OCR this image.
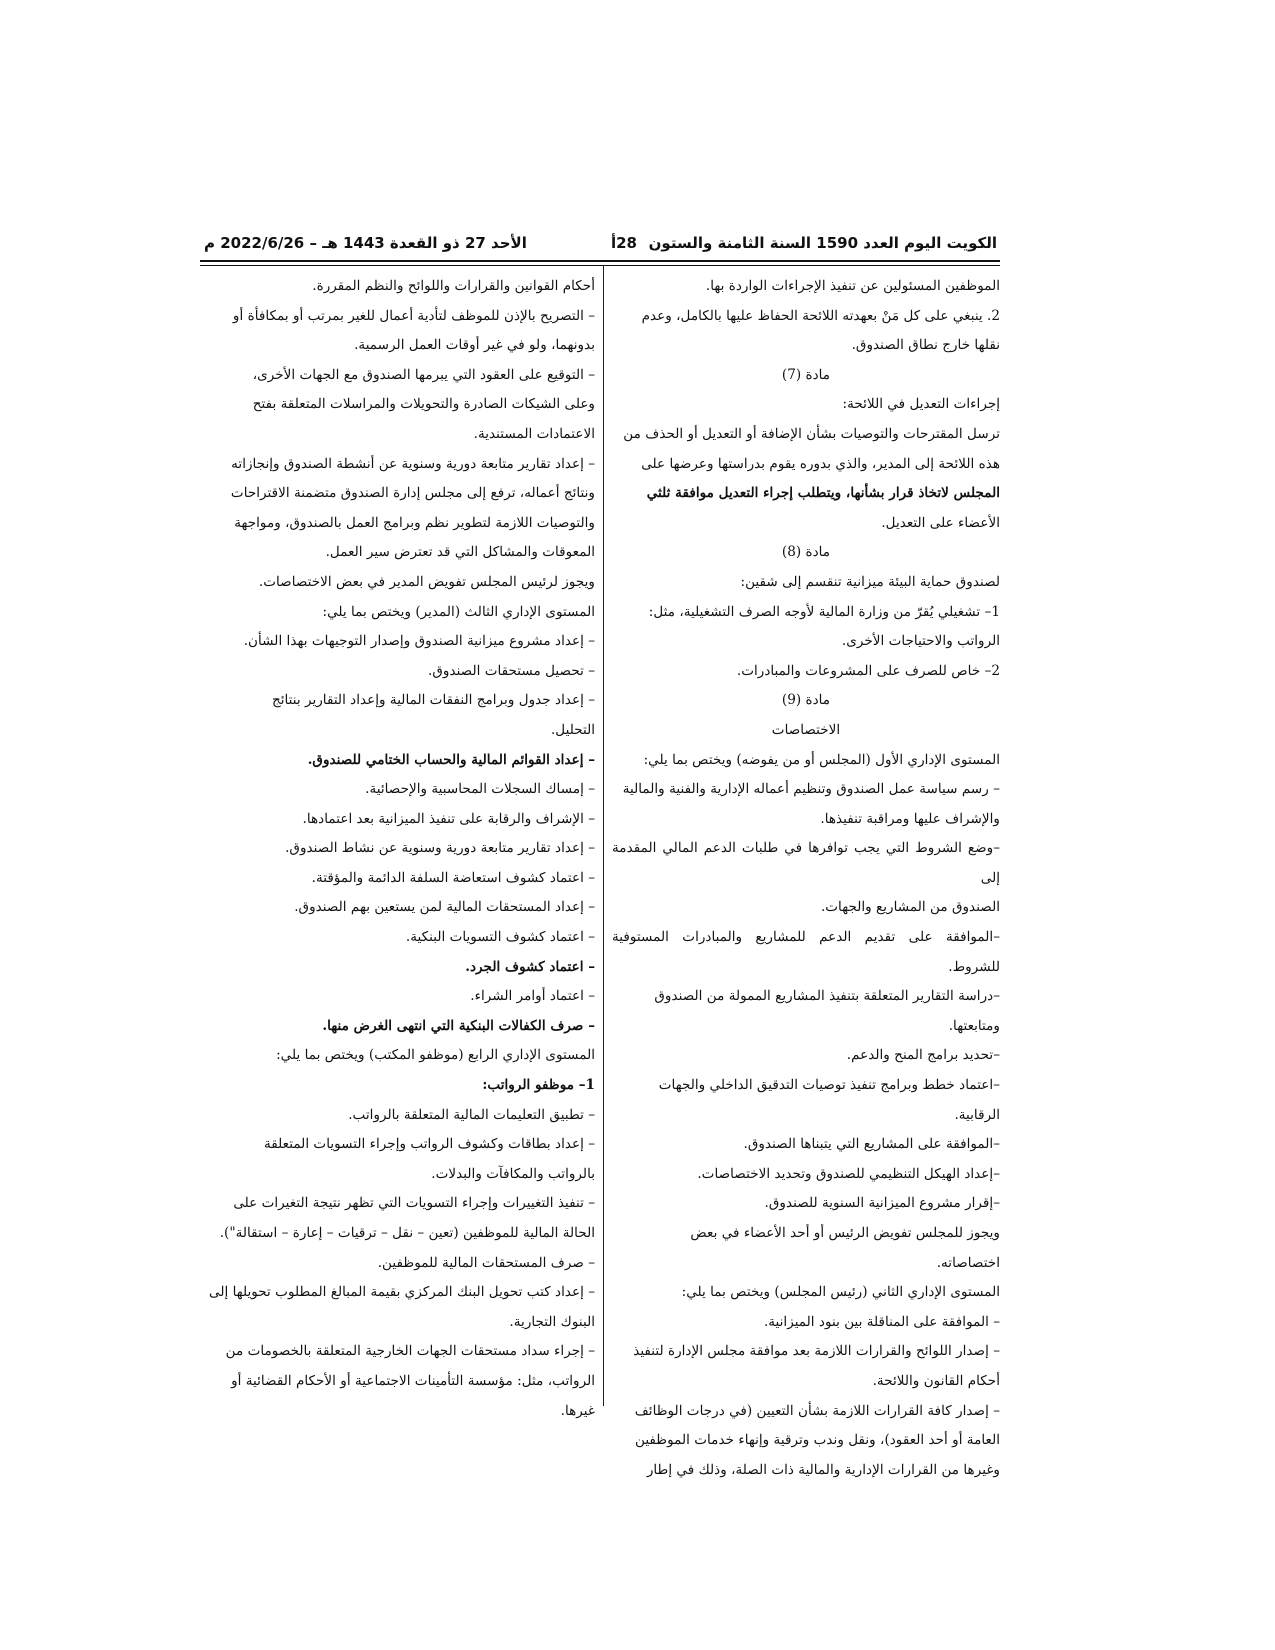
الكويت اليوم العدد 1590 السنة الثامنة والستون
28أ
الأحد 27 ذو القعدة 1443 هـ – 2022/6/26 م

الموظفين المسئولين عن تنفيذ الإجراءات الواردة بها.

2. ينبغي على كل مَنْ بعهدته اللائحة الحفاظ عليها بالكامل، وعدم

نقلها خارج نطاق الصندوق.

مادة (7)

إجراءات التعديل في اللائحة:

ترسل المقترحات والتوصيات بشأن الإضافة أو التعديل أو الحذف من

هذه اللائحة إلى المدير، والذي بدوره يقوم بدراستها وعرضها على

المجلس لاتخاذ قرار بشأنها، ويتطلب إجراء التعديل موافقة ثلثي

الأعضاء على التعديل.

مادة (8)

لصندوق حماية البيئة ميزانية تنقسم إلى شقين:

1– تشغيلي يُقرّ من وزارة المالية لأوجه الصرف التشغيلية، مثل:

الرواتب والاحتياجات الأخرى.

2– خاص للصرف على المشروعات والمبادرات.

مادة (9)

الاختصاصات

المستوى الإداري الأول (المجلس أو من يفوضه) ويختص بما يلي:

– رسم سياسة عمل الصندوق وتنظيم أعماله الإدارية والفنية والمالية

والإشراف عليها ومراقبة تنفيذها.

–وضع الشروط التي يجب توافرها في طلبات الدعم المالي المقدمة إلى

الصندوق من المشاريع والجهات.

–الموافقة على تقديم الدعم للمشاريع والمبادرات المستوفية للشروط.

–دراسة التقارير المتعلقة بتنفيذ المشاريع الممولة من الصندوق

ومتابعتها.

–تحديد برامج المنح والدعم.

–اعتماد خطط وبرامج تنفيذ توصيات التدقيق الداخلي والجهات

الرقابية.

–الموافقة على المشاريع التي يتبناها الصندوق.

–إعداد الهيكل التنظيمي للصندوق وتحديد الاختصاصات.

–إقرار مشروع الميزانية السنوية للصندوق.

ويجوز للمجلس تفويض الرئيس أو أحد الأعضاء في بعض

اختصاصاته.

المستوى الإداري الثاني (رئيس المجلس) ويختص بما يلي:

– الموافقة على المناقلة بين بنود الميزانية.

– إصدار اللوائح والقرارات اللازمة بعد موافقة مجلس الإدارة لتنفيذ

أحكام القانون واللائحة.

– إصدار كافة القرارات اللازمة بشأن التعيين (في درجات الوظائف

العامة أو أحد العقود)، ونقل وندب وترقية وإنهاء خدمات الموظفين

وغيرها من القرارات الإدارية والمالية ذات الصلة، وذلك في إطار

أحكام القوانين والقرارات واللوائح والنظم المقررة.

– التصريح بالإذن للموظف لتأدية أعمال للغير بمرتب أو بمكافأة أو

بدونهما، ولو في غير أوقات العمل الرسمية.

– التوقيع على العقود التي يبرمها الصندوق مع الجهات الأخرى،

وعلى الشيكات الصادرة والتحويلات والمراسلات المتعلقة بفتح

الاعتمادات المستندية.

– إعداد تقارير متابعة دورية وسنوية عن أنشطة الصندوق وإنجازاته

ونتائج أعماله، ترفع إلى مجلس إدارة الصندوق متضمنة الاقتراحات

والتوصيات اللازمة لتطوير نظم وبرامج العمل بالصندوق، ومواجهة

المعوقات والمشاكل التي قد تعترض سير العمل.

ويجوز لرئيس المجلس تفويض المدير في بعض الاختصاصات.

المستوى الإداري الثالث (المدير) ويختص بما يلي:

– إعداد مشروع ميزانية الصندوق وإصدار التوجيهات بهذا الشأن.

– تحصيل مستحقات الصندوق.

– إعداد جدول وبرامج النفقات المالية وإعداد التقارير بنتائج

التحليل.

– إعداد القوائم المالية والحساب الختامي للصندوق.

– إمساك السجلات المحاسبية والإحصائية.

– الإشراف والرقابة على تنفيذ الميزانية بعد اعتمادها.

– إعداد تقارير متابعة دورية وسنوية عن نشاط الصندوق.

– اعتماد كشوف استعاضة السلفة الدائمة والمؤقتة.

– إعداد المستحقات المالية لمن يستعين بهم الصندوق.

– اعتماد كشوف التسويات البنكية.

– اعتماد كشوف الجرد.

– اعتماد أوامر الشراء.

– صرف الكفالات البنكية التي انتهى الغرض منها.

المستوى الإداري الرابع (موظفو المكتب) ويختص بما يلي:

1– موظفو الرواتب:

– تطبيق التعليمات المالية المتعلقة بالرواتب.

– إعداد بطاقات وكشوف الرواتب وإجراء التسويات المتعلقة

بالرواتب والمكافآت والبدلات.

– تنفيذ التغييرات وإجراء التسويات التي تظهر نتيجة التغيرات على

الحالة المالية للموظفين (تعين – نقل – ترقيات – إعارة – استقالة").

– صرف المستحقات المالية للموظفين.

– إعداد كتب تحويل البنك المركزي بقيمة المبالغ المطلوب تحويلها إلى

البنوك التجارية.

– إجراء سداد مستحقات الجهات الخارجية المتعلقة بالخصومات من

الرواتب، مثل: مؤسسة التأمينات الاجتماعية أو الأحكام القضائية أو

غيرها.
